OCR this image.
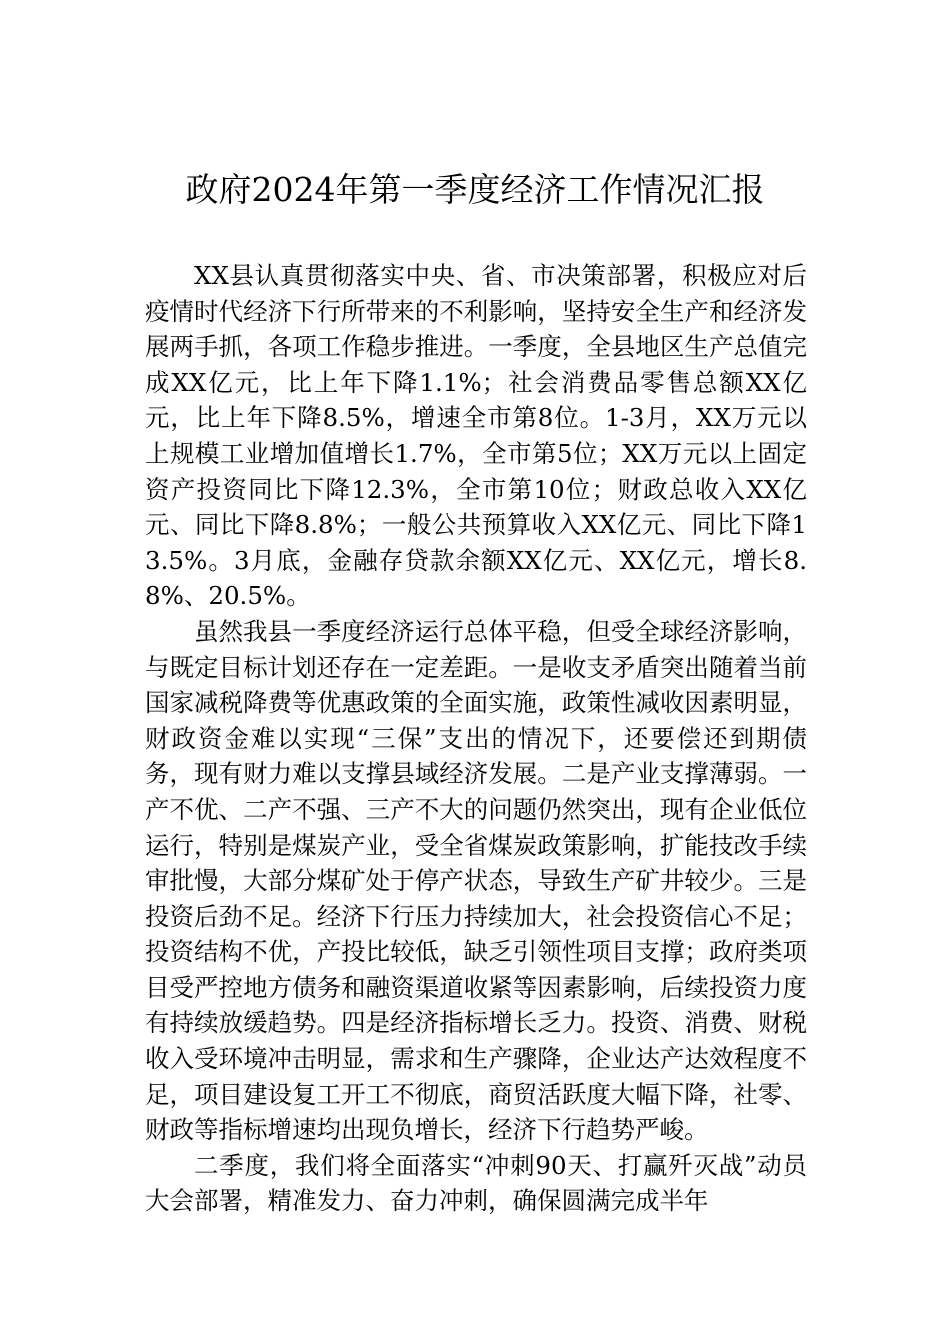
政府2024年第一季度经济工作情况汇报

XX县认真贯彻落实中央、省、市决策部署，积极应对后疫情时代经济下行所带来的不利影响，坚持安全生产和经济发展两手抓，各项工作稳步推进。一季度，全县地区生产总值完成XX亿元，比上年下降1.1%；社会消费品零售总额XX亿元，比上年下降8.5%，增速全市第8位。1-3月，XX万元以上规模工业增加值增长1.7%，全市第5位；XX万元以上固定资产投资同比下降12.3%，全市第10位；财政总收入XX亿元、同比下降8.8%；一般公共预算收入XX亿元、同比下降13.5%。3月底，金融存贷款余额XX亿元、XX亿元，增长8.8%、20.5%。

虽然我县一季度经济运行总体平稳，但受全球经济影响，与既定目标计划还存在一定差距。一是收支矛盾突出随着当前国家减税降费等优惠政策的全面实施，政策性减收因素明显，财政资金难以实现“三保”支出的情况下，还要偿还到期债务，现有财力难以支撑县域经济发展。二是产业支撑薄弱。一产不优、二产不强、三产不大的问题仍然突出，现有企业低位运行，特别是煤炭产业，受全省煤炭政策影响，扩能技改手续审批慢，大部分煤矿处于停产状态，导致生产矿井较少。三是投资后劲不足。经济下行压力持续加大，社会投资信心不足；投资结构不优，产投比较低，缺乏引领性项目支撑；政府类项目受严控地方债务和融资渠道收紧等因素影响，后续投资力度有持续放缓趋势。四是经济指标增长乏力。投资、消费、财税收入受环境冲击明显，需求和生产骤降，企业达产达效程度不足，项目建设复工开工不彻底，商贸活跃度大幅下降，社零、财政等指标增速均出现负增长，经济下行趋势严峻。

二季度，我们将全面落实“冲刺90天、打赢歼灭战”动员大会部署，精准发力、奋力冲刺，确保圆满完成半年
